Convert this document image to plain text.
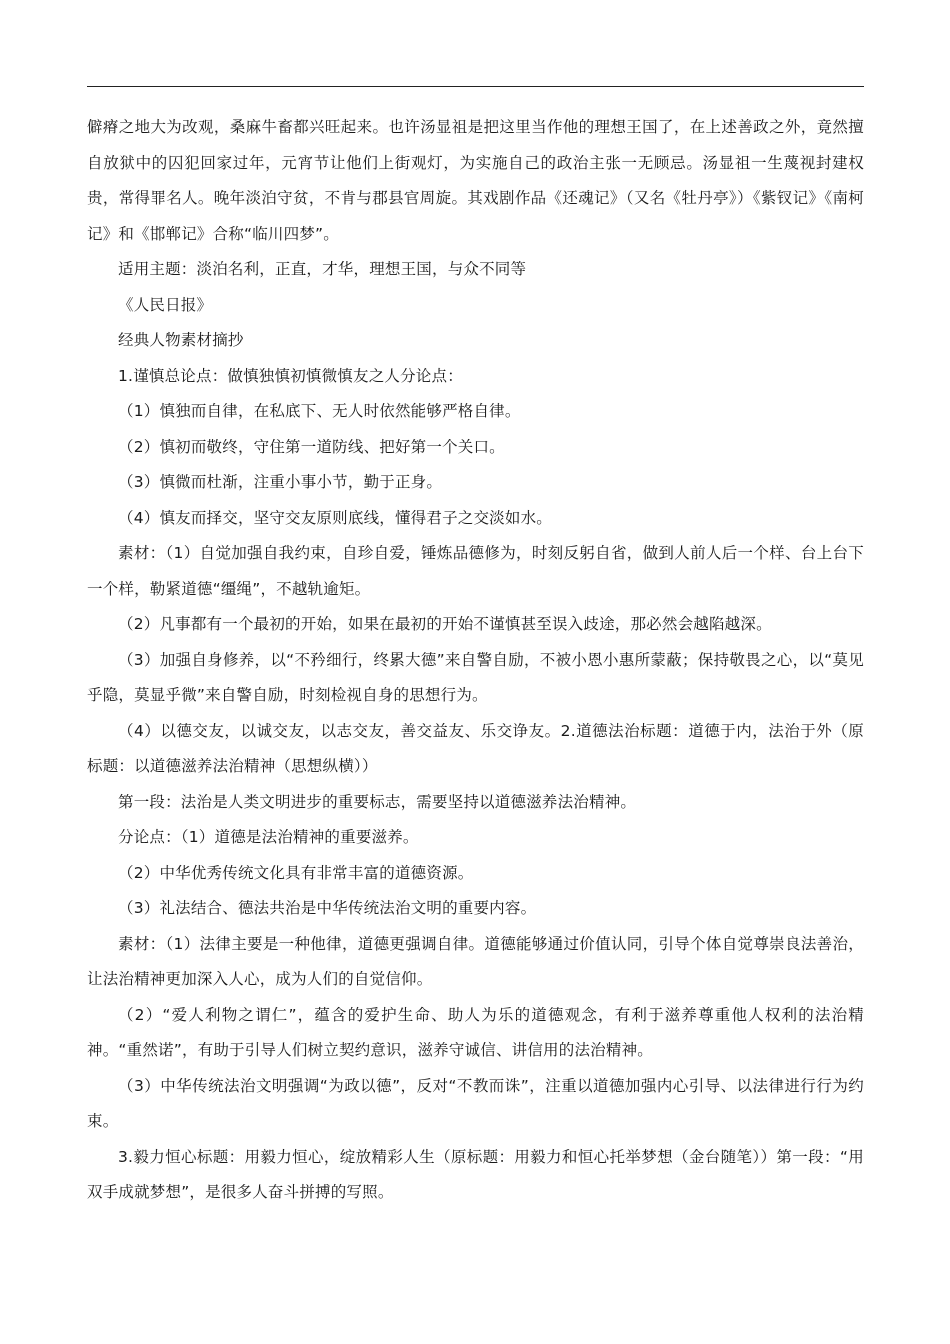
僻瘠之地大为改观，桑麻牛畜都兴旺起来。也许汤显祖是把这里当作他的理想王国了，在上述善政之外，竟然擅自放狱中的囚犯回家过年，元宵节让他们上街观灯，为实施自己的政治主张一无顾忌。汤显祖一生蔑视封建权贵，常得罪名人。晚年淡泊守贫，不肯与郡县官周旋。其戏剧作品《还魂记》（又名《牡丹亭》）《紫钗记》《南柯记》和《邯郸记》合称“临川四梦”。

适用主题：淡泊名利，正直，才华，理想王国，与众不同等

《人民日报》

经典人物素材摘抄

1.谨慎总论点：做慎独慎初慎微慎友之人分论点：

（1）慎独而自律，在私底下、无人时依然能够严格自律。

（2）慎初而敬终，守住第一道防线、把好第一个关口。

（3）慎微而杜渐，注重小事小节，勤于正身。

（4）慎友而择交，坚守交友原则底线，懂得君子之交淡如水。

素材：（1）自觉加强自我约束，自珍自爱，锤炼品德修为，时刻反躬自省，做到人前人后一个样、台上台下一个样，勒紧道德“缰绳”，不越轨逾矩。

（2）凡事都有一个最初的开始，如果在最初的开始不谨慎甚至误入歧途，那必然会越陷越深。

（3）加强自身修养，以“不矜细行，终累大德”来自警自励，不被小恩小惠所蒙蔽；保持敬畏之心，以“莫见乎隐，莫显乎微”来自警自励，时刻检视自身的思想行为。

（4）以德交友，以诚交友，以志交友，善交益友、乐交诤友。2.道德法治标题：道德于内，法治于外（原标题：以道德滋养法治精神（思想纵横））

第一段：法治是人类文明进步的重要标志，需要坚持以道德滋养法治精神。

分论点：（1）道德是法治精神的重要滋养。

（2）中华优秀传统文化具有非常丰富的道德资源。

（3）礼法结合、德法共治是中华传统法治文明的重要内容。

素材：（1）法律主要是一种他律，道德更强调自律。道德能够通过价值认同，引导个体自觉尊崇良法善治，让法治精神更加深入人心，成为人们的自觉信仰。

（2）“爱人利物之谓仁”，蕴含的爱护生命、助人为乐的道德观念，有利于滋养尊重他人权利的法治精神。“重然诺”，有助于引导人们树立契约意识，滋养守诚信、讲信用的法治精神。

（3）中华传统法治文明强调“为政以德”，反对“不教而诛”，注重以道德加强内心引导、以法律进行行为约束。

3.毅力恒心标题：用毅力恒心，绽放精彩人生（原标题：用毅力和恒心托举梦想（金台随笔））第一段：“用双手成就梦想”，是很多人奋斗拼搏的写照。
